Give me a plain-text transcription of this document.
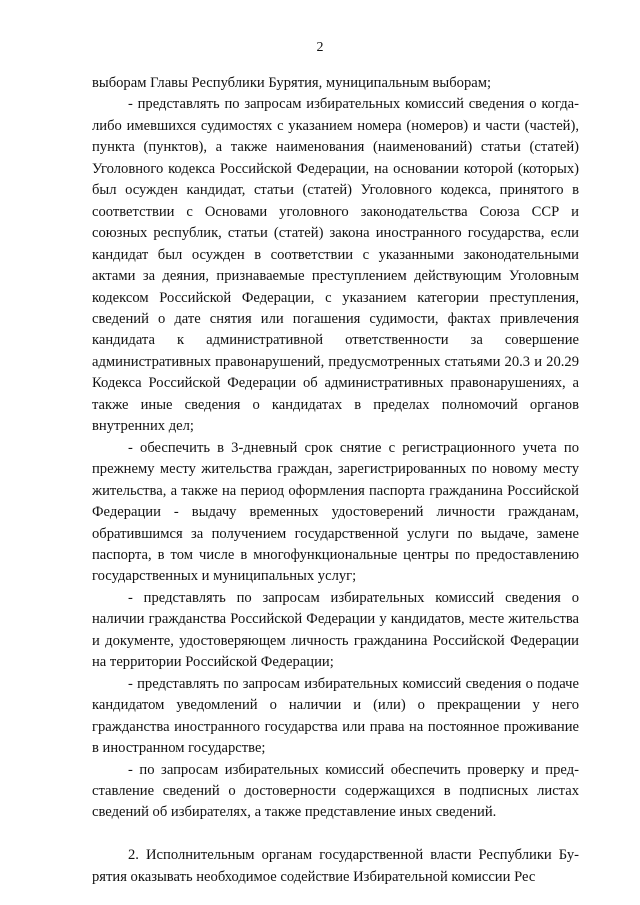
2

выборам Главы Республики Бурятия, муниципальным выборам;

- представлять по запросам избирательных комиссий сведения о когда-либо имевшихся судимостях с указанием номера (номеров) и части (частей), пункта (пунктов), а также наименования (наименований) статьи (статей) Уголовного кодекса Российской Федерации, на основании которой (которых) был осужден кандидат, статьи (статей) Уголовного кодекса, принятого в соответствии с Основами уголовного законодательства Союза ССР и союзных республик, статьи (статей) закона иностранного государства, если кандидат был осужден в соответствии с указанными законодательными актами за деяния, признаваемые преступлением действующим Уголовным кодексом Российской Федерации, с указанием категории преступления, сведений о дате снятия или погашения судимости, фактах привлечения кандидата к административной ответственности за совершение административных правонарушений, предусмотренных статьями 20.3 и 20.29 Кодекса Российской Федерации об административных правонарушениях, а также иные сведения о кандидатах в пределах полномочий органов внутренних дел;

- обеспечить в 3-дневный срок снятие с регистрационного учета по прежнему месту жительства граждан, зарегистрированных по новому месту жительства, а также на период оформления паспорта гражданина Российской Федерации - выдачу временных удостоверений личности гражданам, обратившимся за получением государственной услуги по выдаче, замене паспорта, в том числе в многофункциональные центры по предоставлению государственных и муниципальных услуг;

- представлять по запросам избирательных комиссий сведения о наличии гражданства Российской Федерации у кандидатов, месте жительства и документе, удостоверяющем личность гражданина Российской Федерации на территории Российской Федерации;

- представлять по запросам избирательных комиссий сведения о подаче кандидатом уведомлений о наличии и (или) о прекращении у него гражданства иностранного государства или права на постоянное проживание в иностранном государстве;

- по запросам избирательных комиссий обеспечить проверку и представление сведений о достоверности содержащихся в подписных листах сведений об избирателях, а также представление иных сведений.

2. Исполнительным органам государственной власти Республики Бурятия оказывать необходимое содействие Избирательной комиссии Рес
